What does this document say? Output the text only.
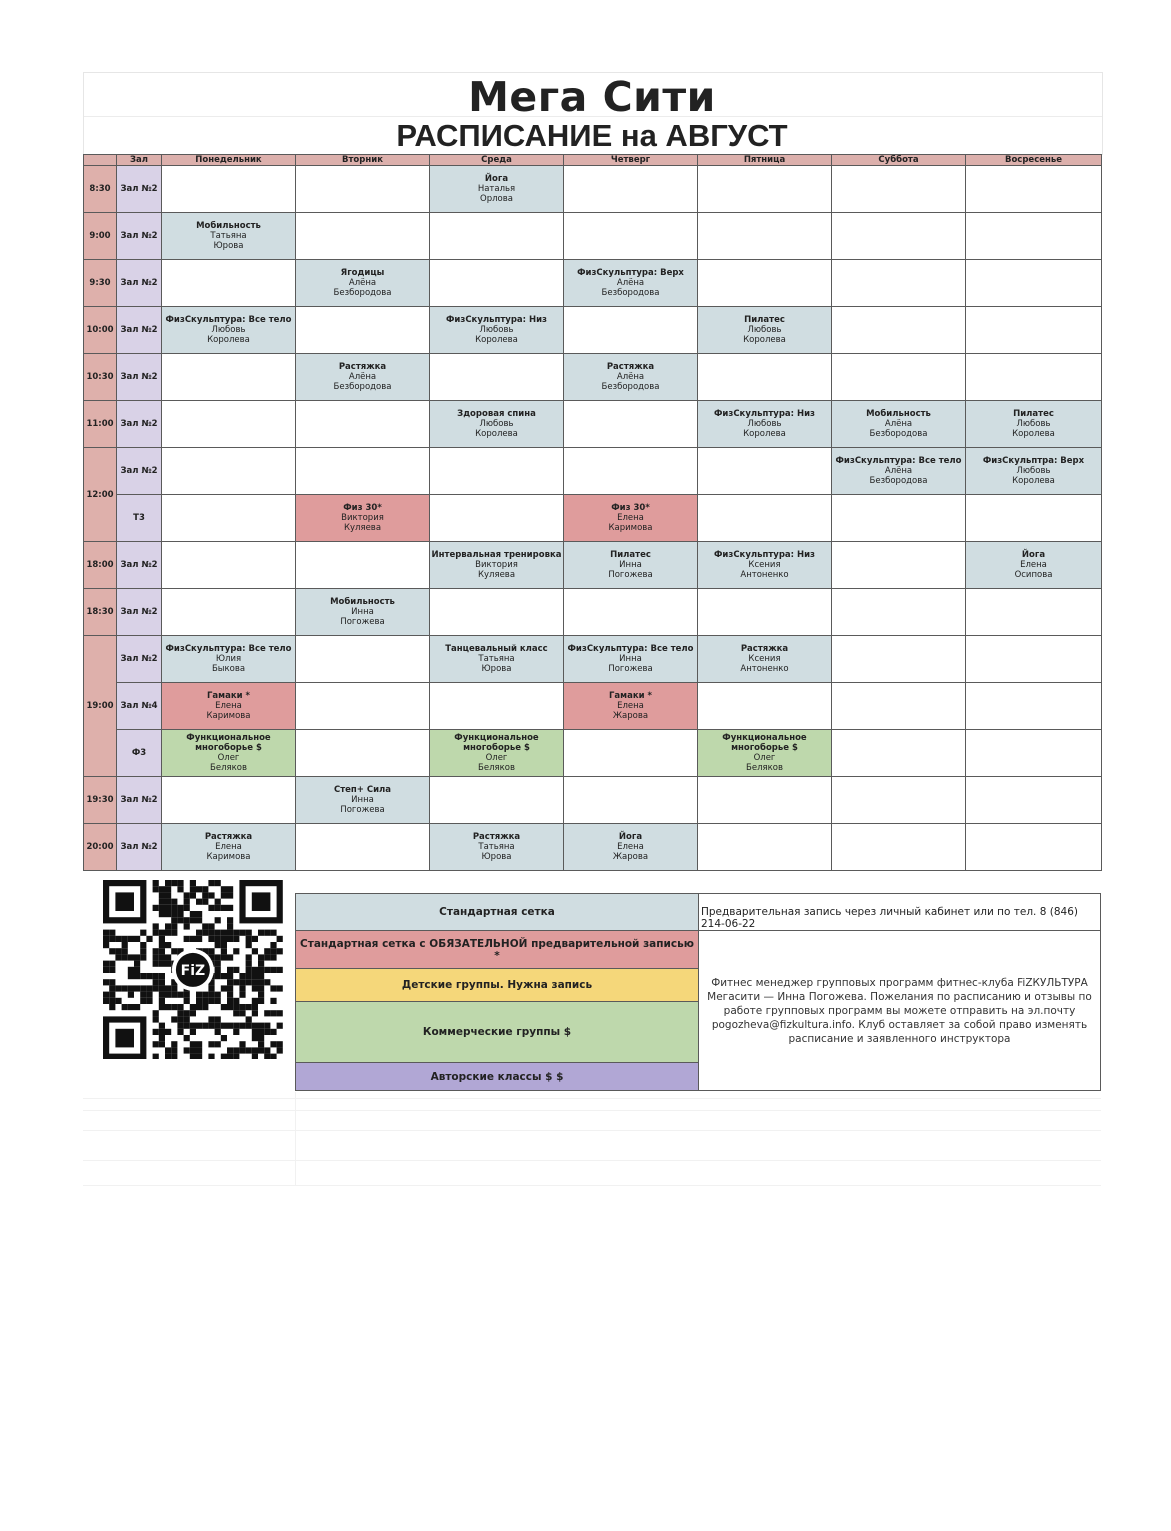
Мега Сити
РАСПИСАНИЕ на АВГУСТ
	Зал	Понедельник	Вторник	Среда	Четверг	Пятница	Суббота	Восресенье
8:30	Зал №2			Йога
Наталья
Орлова				

9:00	Зал №2	Мобильность
Татьяна
Юрова						

9:30	Зал №2		Ягодицы
Алёна
Безбородова		ФизСкульптура: Верх
Алёна
Безбородова			

10:00	Зал №2	ФизСкульптура: Все тело
Любовь
Королева		ФизСкульптура: Низ
Любовь
Королева		Пилатес
Любовь
Королева		

10:30	Зал №2		Растяжка
Алёна
Безбородова		Растяжка
Алёна
Безбородова			

11:00	Зал №2			Здоровая спина
Любовь
Королева		ФизСкульптура: Низ
Любовь
Королева	Мобильность
Алёна
Безбородова	Пилатес
Любовь
Королева

12:00	Зал №2						ФизСкульптура: Все тело
Алёна
Безбородова	ФизСкульптра: Верх
Любовь
Королева

	Т3		Физ 30*
Виктория
Куляева		Физ 30*
Елена
Каримова			

18:00	Зал №2			Интервальная тренировка
Виктория
Куляева	Пилатес
Инна
Погожева	ФизСкульптура: Низ
Ксения
Антоненко		Йога
Елена
Осипова

18:30	Зал №2		Мобильность
Инна
Погожева					

19:00	Зал №2	ФизСкульптура: Все тело
Юлия
Быкова		Танцевальный класс
Татьяна
Юрова	ФизСкульптура: Все тело
Инна
Погожева	Растяжка
Ксения
Антоненко		

	Зал №4	Гамаки *
Елена
Каримова			Гамаки *
Елена
Жарова			

	Ф3	Функциональное многоборье $
Олег
Беляков		Функциональное многоборье $
Олег
Беляков		Функциональное многоборье $
Олег
Беляков		

19:30	Зал №2		Степ+ Сила
Инна
Погожева					

20:00	Зал №2	Растяжка
Елена
Каримова		Растяжка
Татьяна
Юрова	Йога
Елена
Жарова			

FiZ
Стандартная сетка	Предварительная запись через личный кабинет или по тел. 8 (846) 214-06-22
Стандартная сетка с ОБЯЗАТЕЛЬНОЙ предварительной записью *	Фитнес менеджер групповых программ фитнес-клуба FiZКУЛЬТУРА Мегасити — Инна Погожева. Пожелания по расписанию и отзывы по работе групповых программ вы можете отправить на эл.почту pogozheva@fizkultura.info. Клуб оставляет за собой право изменять расписание и заявленного инструктора
Детские группы. Нужна запись	
Коммерческие группы $	
Авторские классы $ $	
